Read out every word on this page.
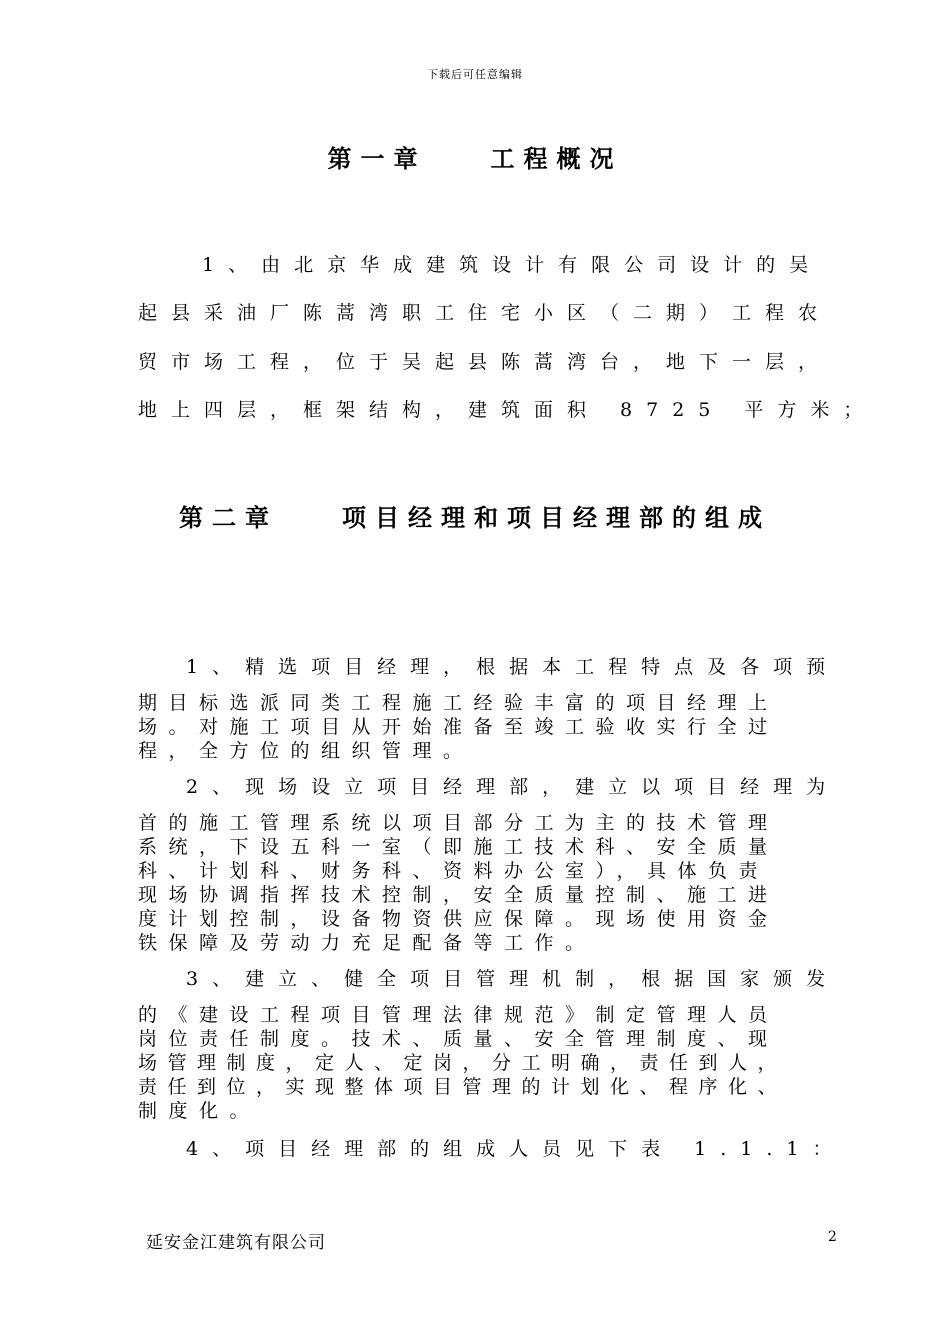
下载后可任意编辑
第一章	工程概况
1、由北京华成建筑设计有限公司设计的吴
起县采油厂陈蒿湾职工住宅小区（二期）工程农
贸市场工程，位于吴起县陈蒿湾台，地下一层，
地上四层，框架结构，建筑面积 8725 平方米；
第二章	项目经理和项目经理部的组成
1、精选项目经理，根据本工程特点及各项预
期目标选派同类工程施工经验丰富的项目经理上
场。对施工项目从开始准备至竣工验收实行全过
程，全方位的组织管理。
2、现场设立项目经理部，建立以项目经理为
首的施工管理系统以项目部分工为主的技术管理
系统，下设五科一室（即施工技术科、安全质量
科、计划科、财务科、资料办公室），具体负责
现场协调指挥技术控制，安全质量控制、施工进
度计划控制，设备物资供应保障。现场使用资金
铁保障及劳动力充足配备等工作。
3、建立、健全项目管理机制，根据国家颁发
的《建设工程项目管理法律规范》制定管理人员
岗位责任制度。技术、质量、安全管理制度、现
场管理制度，定人、定岗，分工明确，责任到人，
责任到位，实现整体项目管理的计划化、程序化、
制度化。
4、项目经理部的组成人员见下表 1.1.1：
延安金江建筑有限公司	2
